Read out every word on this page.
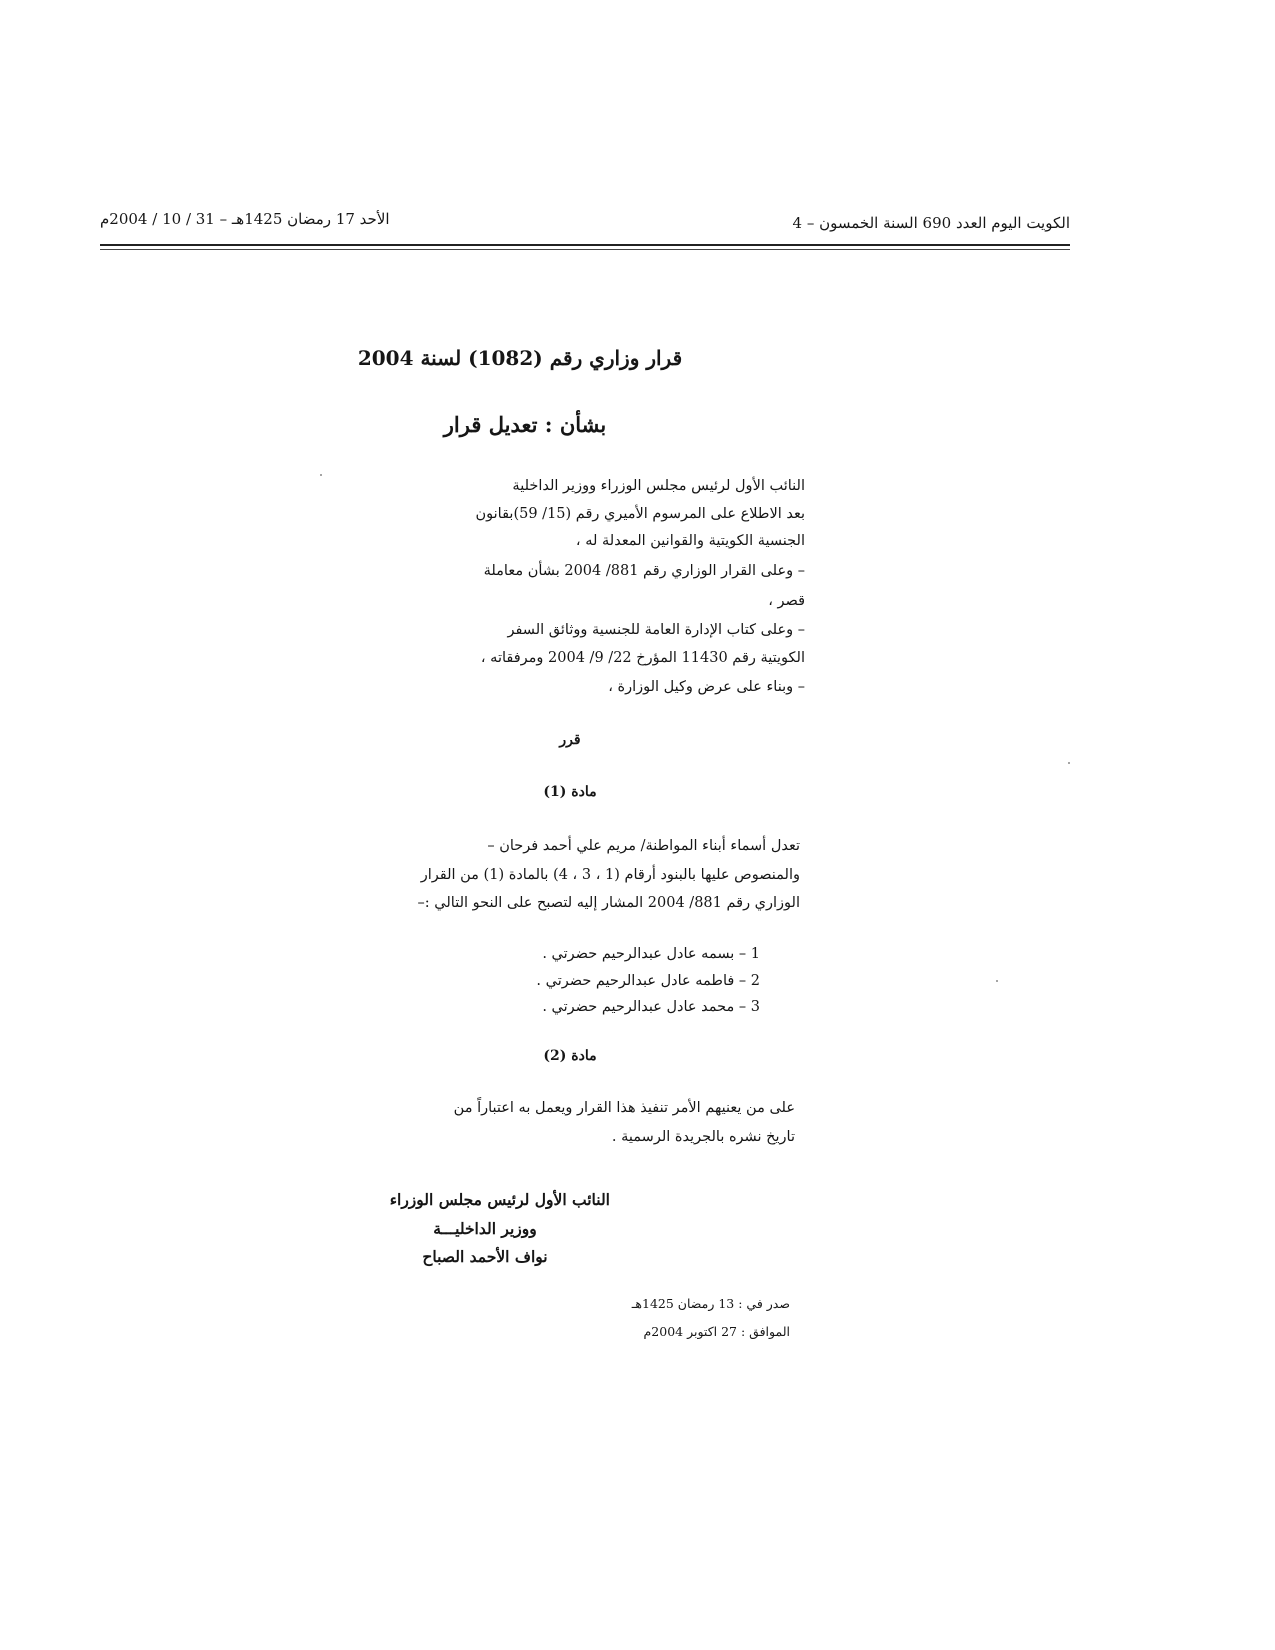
الكويت اليوم العدد 690 السنة الخمسون – 4
الأحد 17 رمضان 1425هـ – 31 / 10 / 2004م
قرار وزاري رقم (1082) لسنة 2004
بشأن : تعديل قرار
النائب الأول لرئيس مجلس الوزراء ووزير الداخلية
بعد الاطلاع على المرسوم الأميري رقم (15/ 59)بقانون
الجنسية الكويتية والقوانين المعدلة له ،
– وعلى القرار الوزاري رقم 881/ 2004 بشأن معاملة
قصر ،
– وعلى كتاب الإدارة العامة للجنسية ووثائق السفر
الكويتية رقم 11430 المؤرخ 22/ 9/ 2004 ومرفقاته ،
– وبناء على عرض وكيل الوزارة ،
قرر
مادة (1)
تعدل أسماء أبناء المواطنة/ مريم علي أحمد فرحان –
والمنصوص عليها بالبنود أرقام (1 ، 3 ، 4) بالمادة (1) من القرار
الوزاري رقم 881/ 2004 المشار إليه لتصبح على النحو التالي :–
1 – بسمه عادل عبدالرحيم حضرتي .
2 – فاطمه عادل عبدالرحيم حضرتي .
3 – محمد عادل عبدالرحيم حضرتي .
مادة (2)
على من يعنيهم الأمر تنفيذ هذا القرار ويعمل به اعتباراً من
تاريخ نشره بالجريدة الرسمية .
النائب الأول لرئيس مجلس الوزراء
ووزير الداخليـــة
نواف الأحمد الصباح
صدر في : 13 رمضان 1425هـ
الموافق : 27 اكتوبر 2004م
